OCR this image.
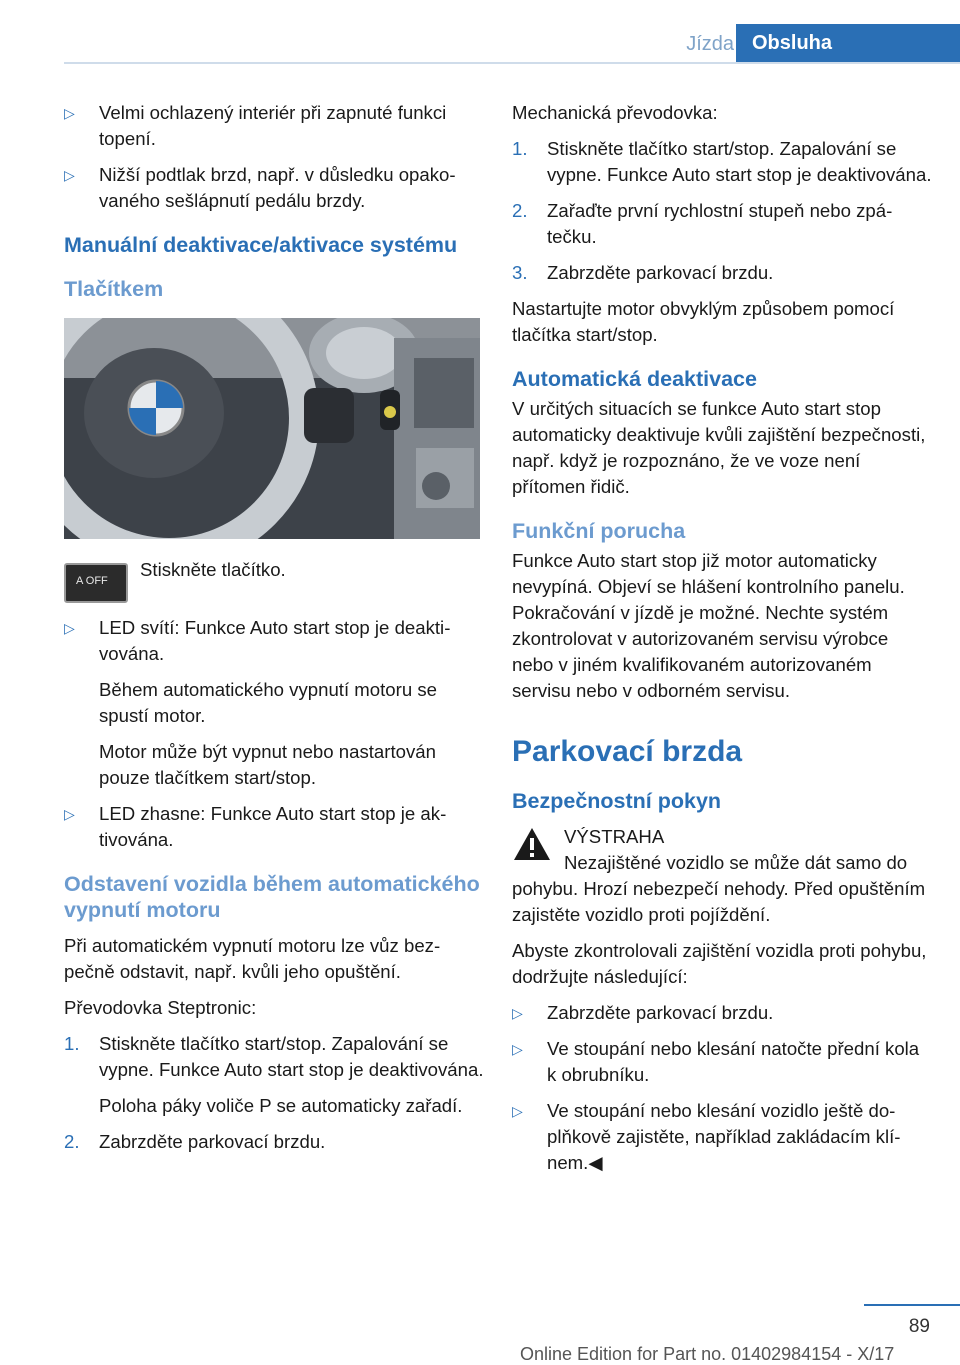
Jízda Obsluha
▷ Velmi ochlazený interiér při zapnuté funkci topení.
▷ Nižší podtlak brzd, např. v důsledku opakovaného sešlápnutí pedálu brzdy.
Manuální deaktivace/aktivace systému
Tlačítkem
A OFF
Stiskněte tlačítko.
▷ LED svítí: Funkce Auto start stop je deaktivována.
Během automatického vypnutí motoru se spustí motor.
Motor může být vypnut nebo nastartován pouze tlačítkem start/stop.
▷ LED zhasne: Funkce Auto start stop je aktivována.
Odstavení vozidla během automatického vypnutí motoru

Při automatickém vypnutí motoru lze vůz bezpečně odstavit, např. kvůli jeho opuštění.

Převodovka Steptronic:

1. Stiskněte tlačítko start/stop. Zapalování se vypne. Funkce Auto start stop je deaktivována.
Poloha páky voliče P se automaticky zařadí.
2. Zabrzděte parkovací brzdu.

Mechanická převodovka:

1. Stiskněte tlačítko start/stop. Zapalování se vypne. Funkce Auto start stop je deaktivována.
2. Zařaďte první rychlostní stupeň nebo zpátečku.
3. Zabrzděte parkovací brzdu.

Nastartujte motor obvyklým způsobem pomocí tlačítka start/stop.

Automatická deaktivace

V určitých situacích se funkce Auto start stop automaticky deaktivuje kvůli zajištění bezpečnosti, např. když je rozpoznáno, že ve voze není přítomen řidič.

Funkční porucha

Funkce Auto start stop již motor automaticky nevypíná. Objeví se hlášení kontrolního panelu. Pokračování v jízdě je možné. Nechte systém zkontrolovat v autorizovaném servisu výrobce nebo v jiném kvalifikovaném autorizovaném servisu nebo v odborném servisu.

Parkovací brzda
Bezpečnostní pokyn
VÝSTRAHA
Nezajištěné vozidlo se může dát samo do pohybu. Hrozí nebezpečí nehody. Před opuštěním zajistěte vozidlo proti pojíždění.

Abyste zkontrolovali zajištění vozidla proti pohybu, dodržujte následující:

▷ Zabrzděte parkovací brzdu.
▷ Ve stoupání nebo klesání natočte přední kola k obrubníku.
▷ Ve stoupání nebo klesání vozidlo ještě doplňkově zajistěte, například zakládacím klínem.◀
89
Online Edition for Part no. 01402984154 - X/17
